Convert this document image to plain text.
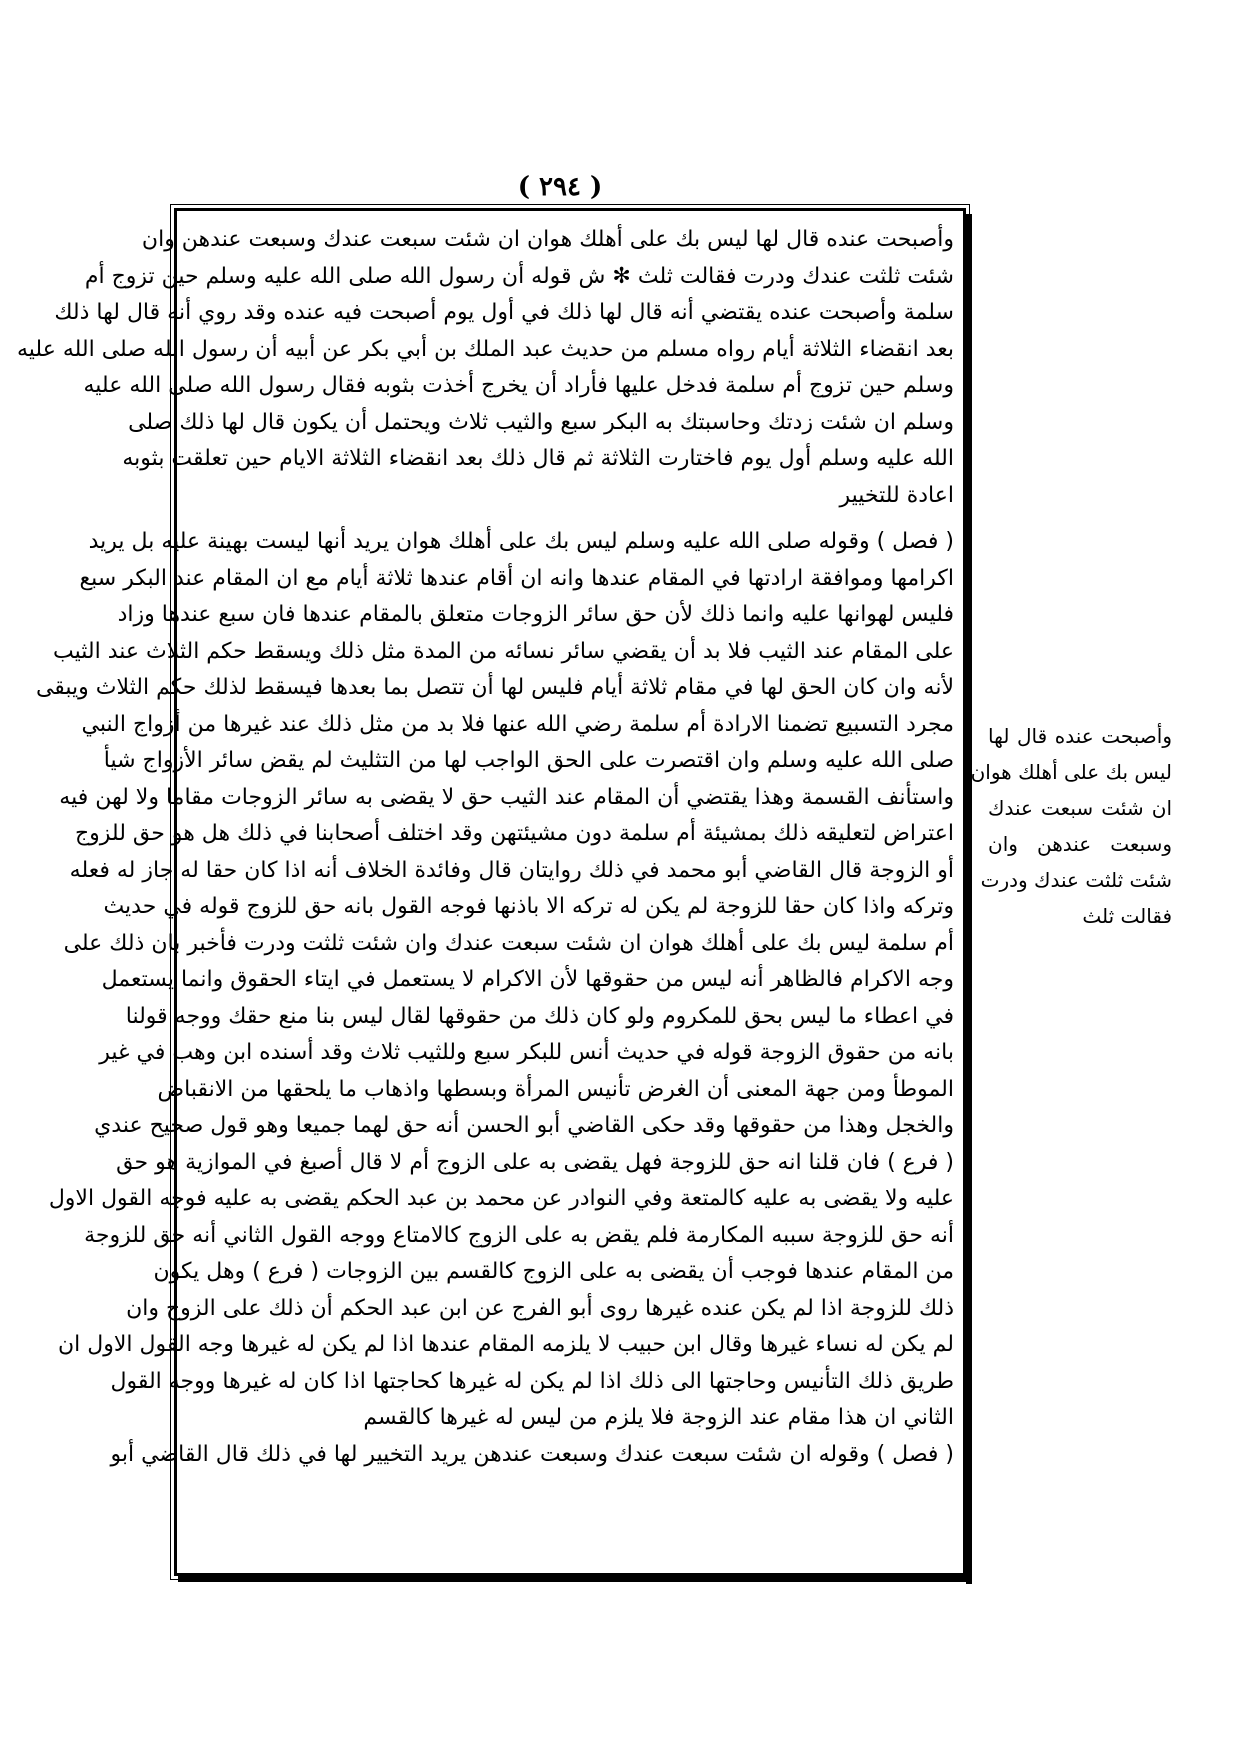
( ٢٩٤ )
وأصبحت عنده قال لها ليس بك على أهلك هوان ان شئت سبعت عندك وسبعت عندهن وان
شئت ثلثت عندك ودرت فقالت ثلث ✻ ش قوله أن رسول الله صلى الله عليه وسلم حين تزوج أم
سلمة وأصبحت عنده يقتضي أنه قال لها ذلك في أول يوم أصبحت فيه عنده وقد روي أنه قال لها ذلك
بعد انقضاء الثلاثة أيام رواه مسلم من حديث عبد الملك بن أبي بكر عن أبيه أن رسول الله صلى الله عليه
وسلم حين تزوج أم سلمة فدخل عليها فأراد أن يخرج أخذت بثوبه فقال رسول الله صلى الله عليه
وسلم ان شئت زدتك وحاسبتك به البكر سبع والثيب ثلاث ويحتمل أن يكون قال لها ذلك صلى
الله عليه وسلم أول يوم فاختارت الثلاثة ثم قال ذلك بعد انقضاء الثلاثة الايام حين تعلقت بثوبه
اعادة للتخيير
( فصل ) وقوله صلى الله عليه وسلم ليس بك على أهلك هوان يريد أنها ليست بهينة عليه بل يريد
اكرامها وموافقة ارادتها في المقام عندها وانه ان أقام عندها ثلاثة أيام مع ان المقام عند البكر سبع
فليس لهوانها عليه وانما ذلك لأن حق سائر الزوجات متعلق بالمقام عندها فان سبع عندها وزاد
على المقام عند الثيب فلا بد أن يقضي سائر نسائه من المدة مثل ذلك ويسقط حكم الثلاث عند الثيب
لأنه وان كان الحق لها في مقام ثلاثة أيام فليس لها أن تتصل بما بعدها فيسقط لذلك حكم الثلاث ويبقى
مجرد التسبيع تضمنا الارادة أم سلمة رضي الله عنها فلا بد من مثل ذلك عند غيرها من أزواج النبي
صلى الله عليه وسلم وان اقتصرت على الحق الواجب لها من التثليث لم يقض سائر الأزواج شيأ
واستأنف القسمة وهذا يقتضي أن المقام عند الثيب حق لا يقضى به سائر الزوجات مقاما ولا لهن فيه
اعتراض لتعليقه ذلك بمشيئة أم سلمة دون مشيئتهن وقد اختلف أصحابنا في ذلك هل هو حق للزوج
أو الزوجة قال القاضي أبو محمد في ذلك روايتان قال وفائدة الخلاف أنه اذا كان حقا له جاز له فعله
وتركه واذا كان حقا للزوجة لم يكن له تركه الا باذنها فوجه القول بانه حق للزوج قوله في حديث
أم سلمة ليس بك على أهلك هوان ان شئت سبعت عندك وان شئت ثلثت ودرت فأخبر بان ذلك على
وجه الاكرام فالظاهر أنه ليس من حقوقها لأن الاكرام لا يستعمل في ايتاء الحقوق وانما يستعمل
في اعطاء ما ليس بحق للمكروم ولو كان ذلك من حقوقها لقال ليس بنا منع حقك ووجه قولنا
بانه من حقوق الزوجة قوله في حديث أنس للبكر سبع وللثيب ثلاث وقد أسنده ابن وهب في غير
الموطأ ومن جهة المعنى أن الغرض تأنيس المرأة وبسطها واذهاب ما يلحقها من الانقباض
والخجل وهذا من حقوقها وقد حكى القاضي أبو الحسن أنه حق لهما جميعا وهو قول صحيح عندي
( فرع ) فان قلنا انه حق للزوجة فهل يقضى به على الزوج أم لا قال أصبغ في الموازية هو حق
عليه ولا يقضى به عليه كالمتعة وفي النوادر عن محمد بن عبد الحكم يقضى به عليه فوجه القول الاول
أنه حق للزوجة سببه المكارمة فلم يقض به على الزوج كالامتاع ووجه القول الثاني أنه حق للزوجة
من المقام عندها فوجب أن يقضى به على الزوج كالقسم بين الزوجات ( فرع ) وهل يكون
ذلك للزوجة اذا لم يكن عنده غيرها روى أبو الفرج عن ابن عبد الحكم أن ذلك على الزوج وان
لم يكن له نساء غيرها وقال ابن حبيب لا يلزمه المقام عندها اذا لم يكن له غيرها وجه القول الاول ان
طريق ذلك التأنيس وحاجتها الى ذلك اذا لم يكن له غيرها كحاجتها اذا كان له غيرها ووجه القول
الثاني ان هذا مقام عند الزوجة فلا يلزم من ليس له غيرها كالقسم
( فصل ) وقوله ان شئت سبعت عندك وسبعت عندهن يريد التخيير لها في ذلك قال القاضي أبو
وأصبحت عنده قال لها
ليس بك على أهلك هوان
ان شئت سبعت عندك
وسبعت عندهن وان
شئت ثلثت عندك ودرت
فقالت ثلث
